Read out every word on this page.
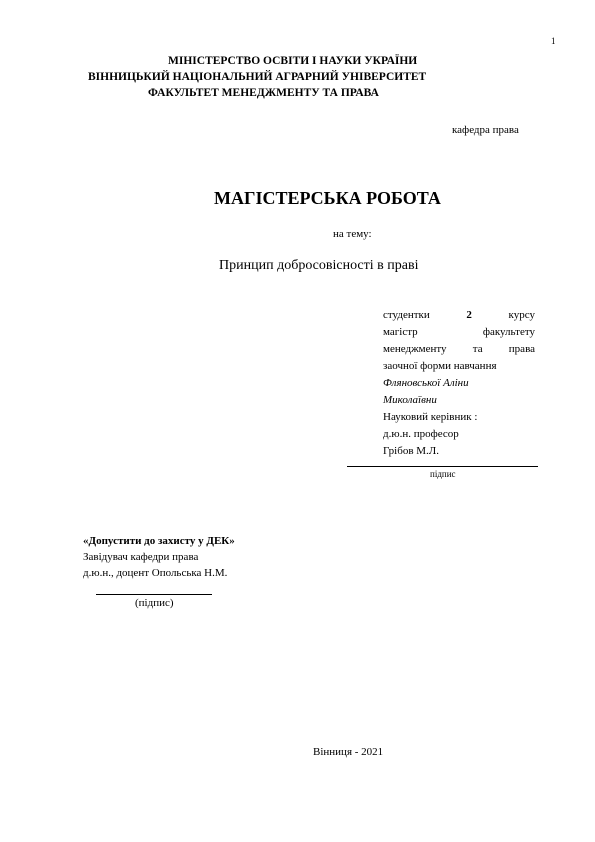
1
МІНІСТЕРСТВО ОСВІТИ І НАУКИ УКРАЇНИ
ВІННИЦЬКИЙ НАЦІОНАЛЬНИЙ АГРАРНИЙ УНІВЕРСИТЕТ
ФАКУЛЬТЕТ МЕНЕДЖМЕНТУ ТА ПРАВА
кафедра права
МАГІСТЕРСЬКА РОБОТА
на тему:
Принцип добросовісності в праві
студентки	2	курсу
магістр	факультету
менеджменту та права
заочної форми навчання
Фляновської Аліни
Миколаївни
Науковий керівник :
д.ю.н. професор
Грібов М.Л.
підпис
«Допустити до захисту у ДЕК»
Завідувач кафедри права
д.ю.н., доцент Опольська Н.М.
(підпис)
Вінниця - 2021
